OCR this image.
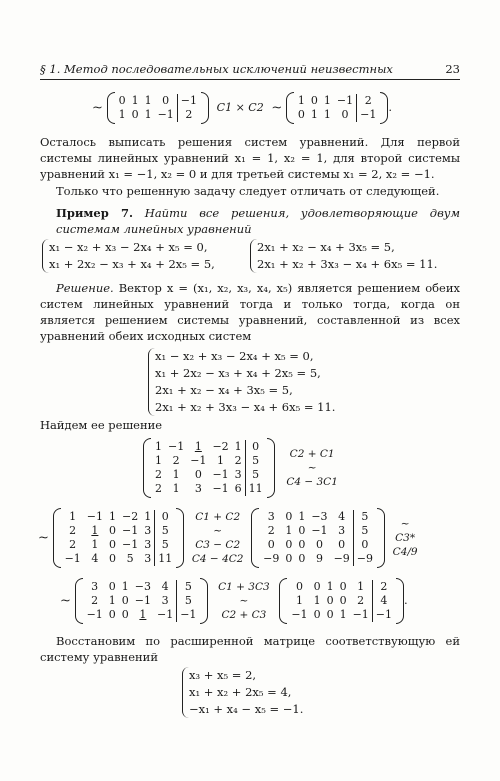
§ 1. Метод последовательных исключений неизвестных	23
∼ 0	1	1	0	−1
1	0	1	−1	2
C1 ⨯ C2 ∼ 1	0	1	−1	2
0	1	1	0	−1
.
Осталось выписать решения систем уравнений. Для первой системы линейных уравнений x₁ = 1, x₂ = 1, для второй системы уравнений x₁ = −1, x₂ = 0 и для третьей системы x₁ = 2, x₂ = −1.
Только что решенную задачу следует отличать от следующей.
Пример 7. Найти все решения, удовлетворяющие двум системам линейных уравнений
x₁ − x₂ + x₃ − 2x₄ + x₅ = 0,
x₁ + 2x₂ − x₃ + x₄ + 2x₅ = 5,
2x₁ + x₂ − x₄ + 3x₅ = 5,
2x₁ + x₂ + 3x₃ − x₄ + 6x₅ = 11.
Решение. Вектор x = (x₁, x₂, x₃, x₄, x₅) является решением обеих систем линейных уравнений тогда и только тогда, когда он является решением системы уравнений, составленной из всех уравнений обеих исходных систем
x₁ − x₂ + x₃ − 2x₄ + x₅ = 0,
x₁ + 2x₂ − x₃ + x₄ + 2x₅ = 5,
2x₁ + x₂ − x₄ + 3x₅ = 5,
2x₁ + x₂ + 3x₃ − x₄ + 6x₅ = 11.
Найдем ее решение
1	−1	1	−2	1	0
1	2	−1	1	2	5
2	1	0	−1	3	5
2	1	3	−1	6	11

C2 + C1
∼
C4 − 3C1
∼
1	−1	1	−2	1	0
2	1	0	−1	3	5
2	1	0	−1	3	5
−1	4	0	5	3	11

C1 + C2
∼
C3 − C2
C4 − 4C2

3	0	1	−3	4	5
2	1	0	−1	3	5
0	0	0	0	0	0
−9	0	0	9	−9	−9

∼
C3*
C4/9
∼
3	0	1	−3	4	5
2	1	0	−1	3	5
−1	0	0	1	−1	−1

C1 + 3C3
∼
C2 + C3

0	0	1	0	1	2
1	1	0	0	2	4
−1	0	0	1	−1	−1
.
Восстановим по расширенной матрице соответствующую ей систему уравнений
x₃ + x₅ = 2,
x₁ + x₂ + 2x₅ = 4,
−x₁ + x₄ − x₅ = −1.
